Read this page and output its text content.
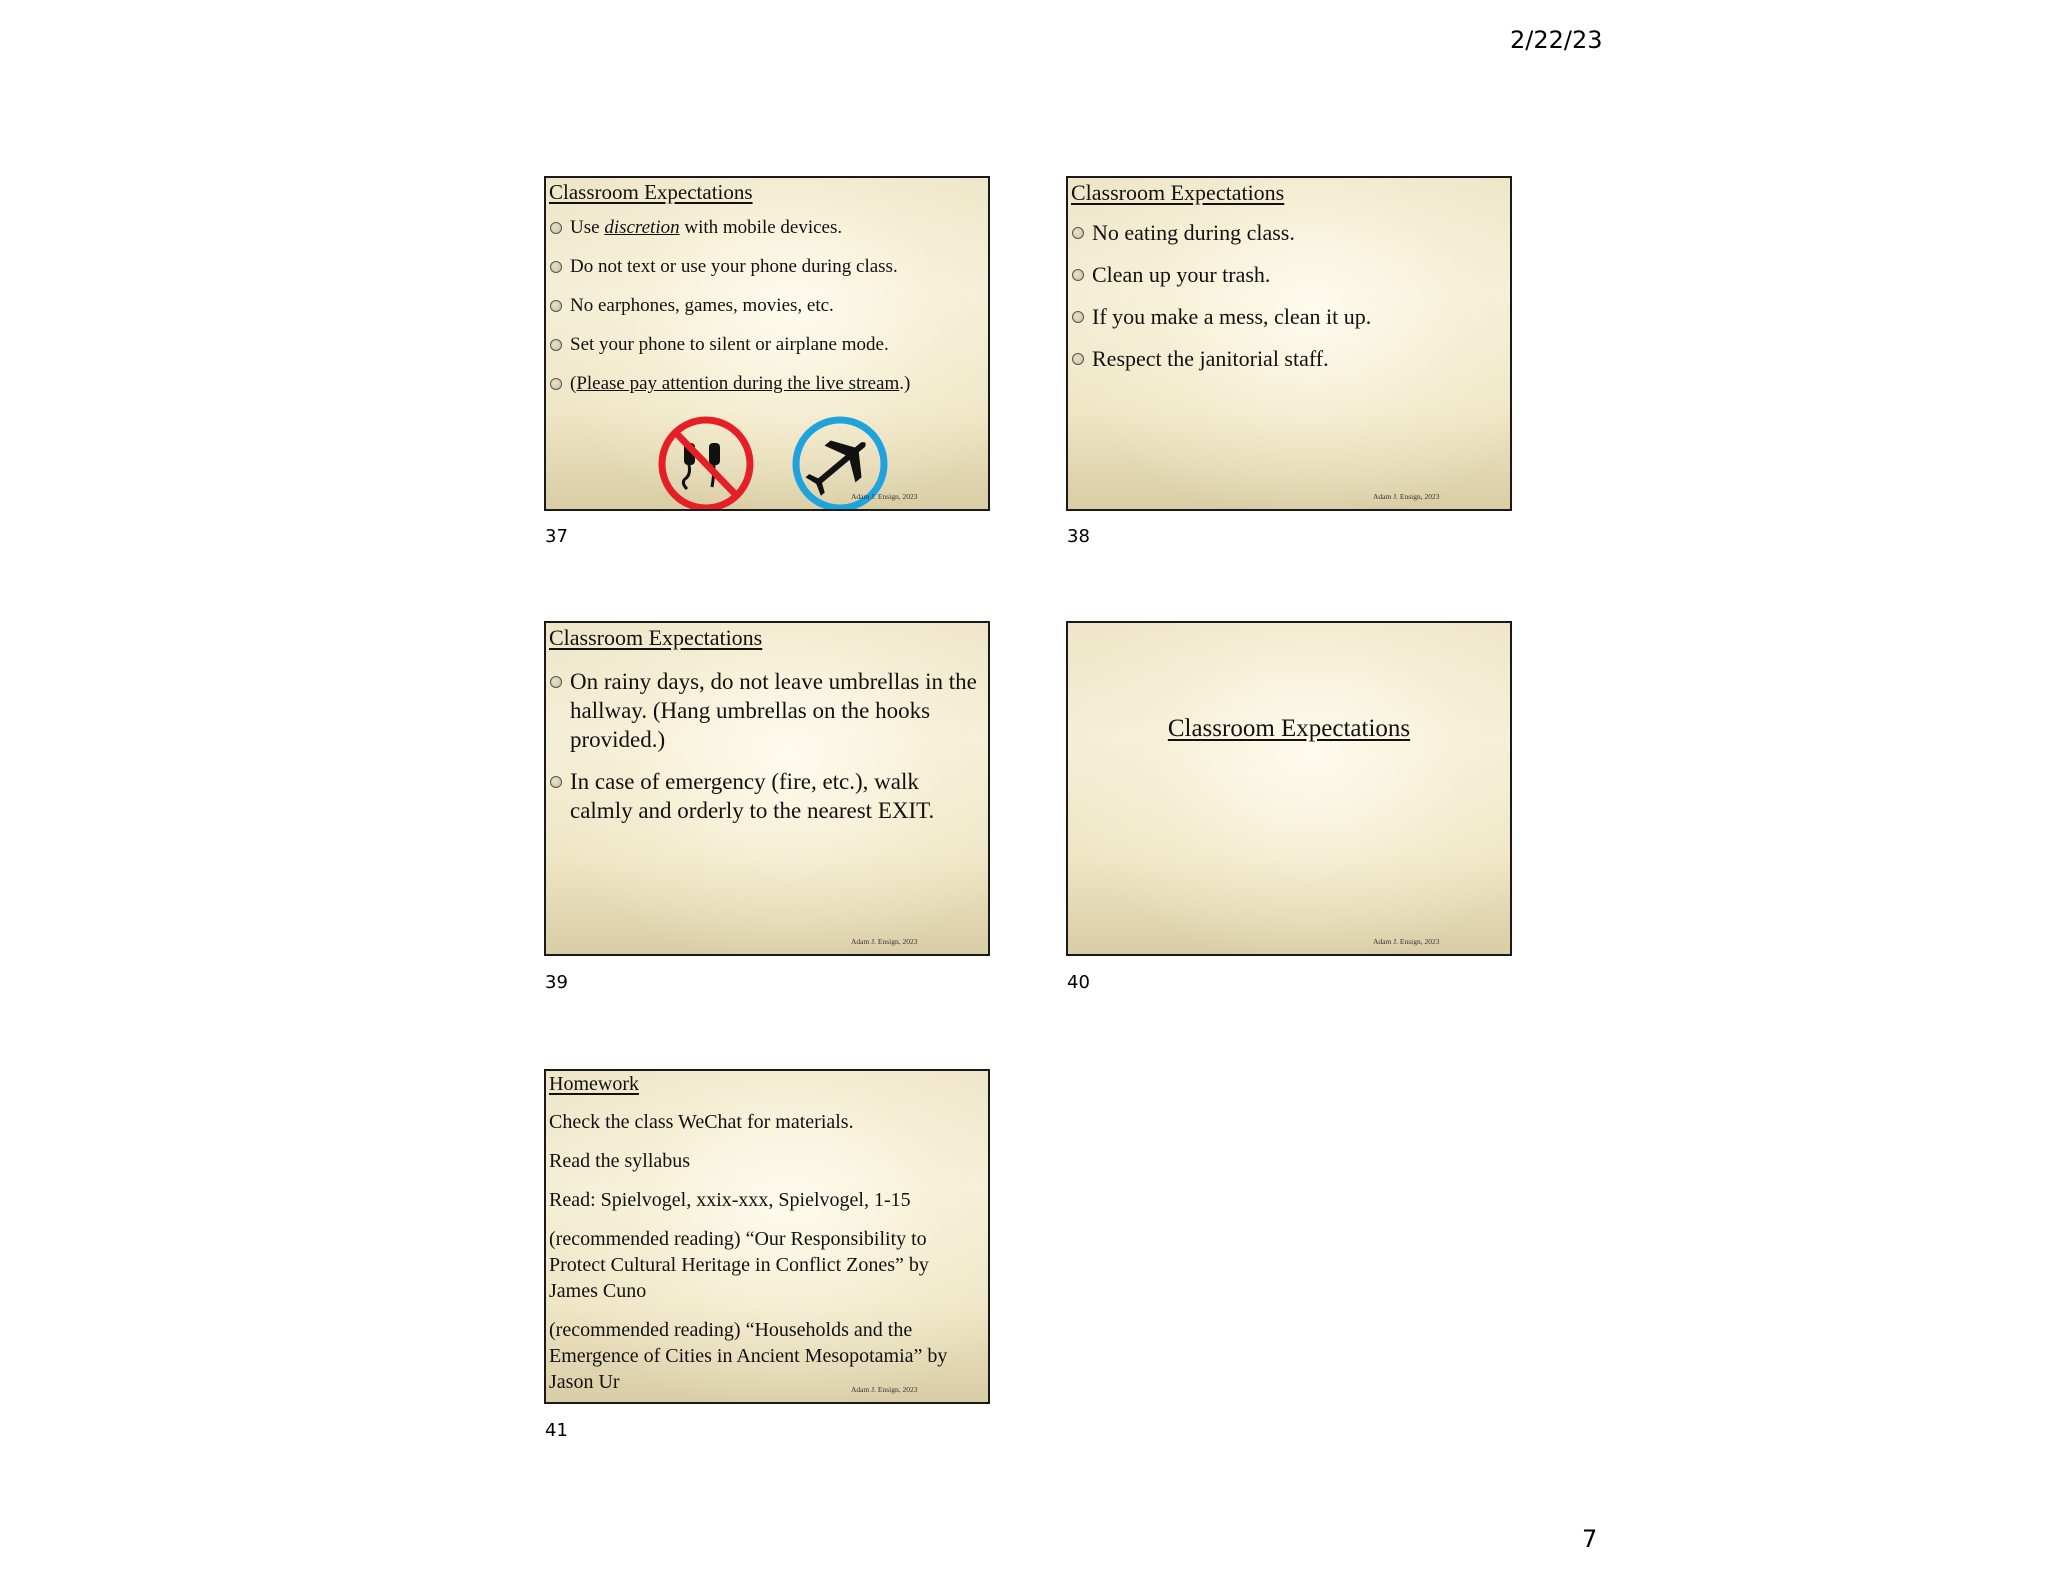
2/22/23
Classroom Expectations
Use discretion with mobile devices.
Do not text or use your phone during class.
No earphones, games, movies, etc.
Set your phone to silent or airplane mode.
(Please pay attention during the live stream.)
Adam J. Ensign, 2023
37
Classroom Expectations
No eating during class.
Clean up your trash.
If you make a mess, clean it up.
Respect the janitorial staff.
Adam J. Ensign, 2023
38
Classroom Expectations
On rainy days, do not leave umbrellas in the hallway. (Hang umbrellas on the hooks provided.)
In case of emergency (fire, etc.), walk calmly and orderly to the nearest EXIT.
Adam J. Ensign, 2023
39
Classroom Expectations
Adam J. Ensign, 2023
40
Homework
Check the class WeChat for materials.
Read the syllabus
Read: Spielvogel, xxix-xxx, Spielvogel, 1-15
(recommended reading) “Our Responsibility to Protect Cultural Heritage in Conflict Zones” by James Cuno
(recommended reading) “Households and the Emergence of Cities in Ancient Mesopotamia” by Jason Ur	Adam J. Ensign, 2023
41
7
